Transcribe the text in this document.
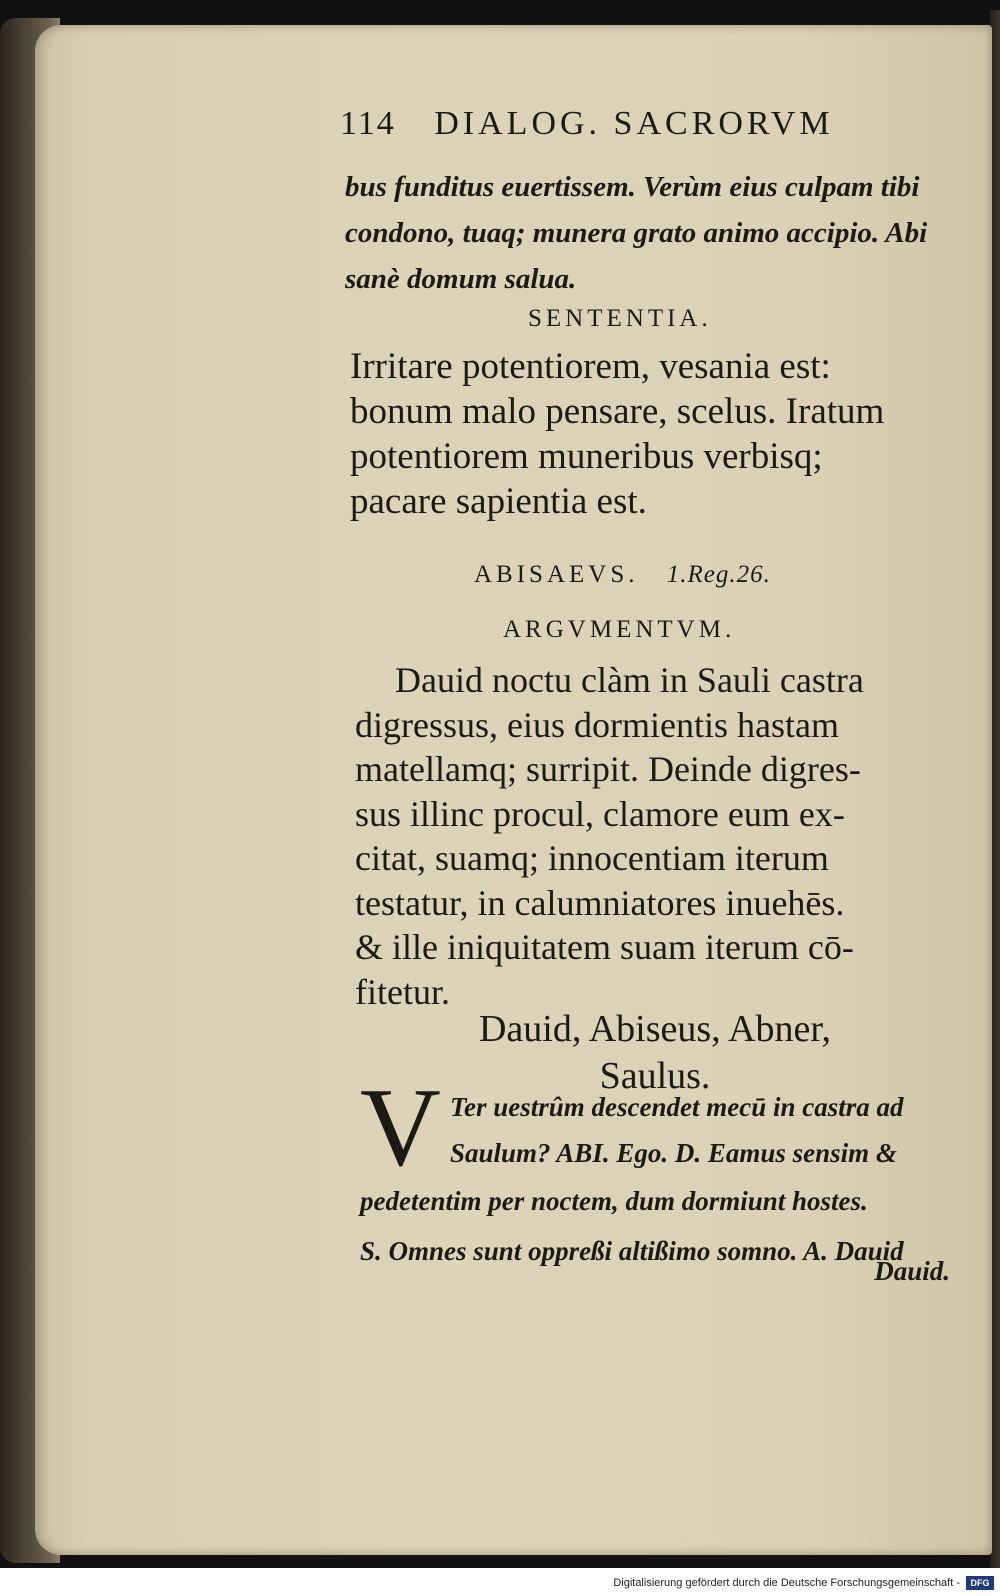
114 DIALOG. SACRORVM
bus funditus euertissem. Verùm eius culpam tibi
condono, tuaq; munera grato animo accipio. Abi
sanè domum salua.
SENTENTIA.
Irritare potentiorem, vesania est:
bonum malo pensare, scelus. Iratum
potentiorem muneribus verbisq;
pacare sapientia est.
ABISAEVS. 1.Reg.26.
ARGVMENTVM.
Dauid noctu clàm in Sauli castra
digressus, eius dormientis hastam
matellamq; surripit. Deinde digres-
sus illinc procul, clamore eum ex-
citat, suamq; innocentiam iterum
testatur, in calumniatores inuehēs.
& ille iniquitatem suam iterum cō-
fitetur.
Dauid, Abiseus, Abner,
Saulus.
V Ter uestrûm descendet mecū in castra ad
Saulum? ABI. Ego. D. Eamus sensim &
pedetentim per noctem, dum dormiunt hostes.
S. Omnes sunt oppreßi altißimo somno. A. Dauid
Dauid.
Digitalisierung gefördert durch die Deutsche Forschungsgemeinschaft -	DFG
